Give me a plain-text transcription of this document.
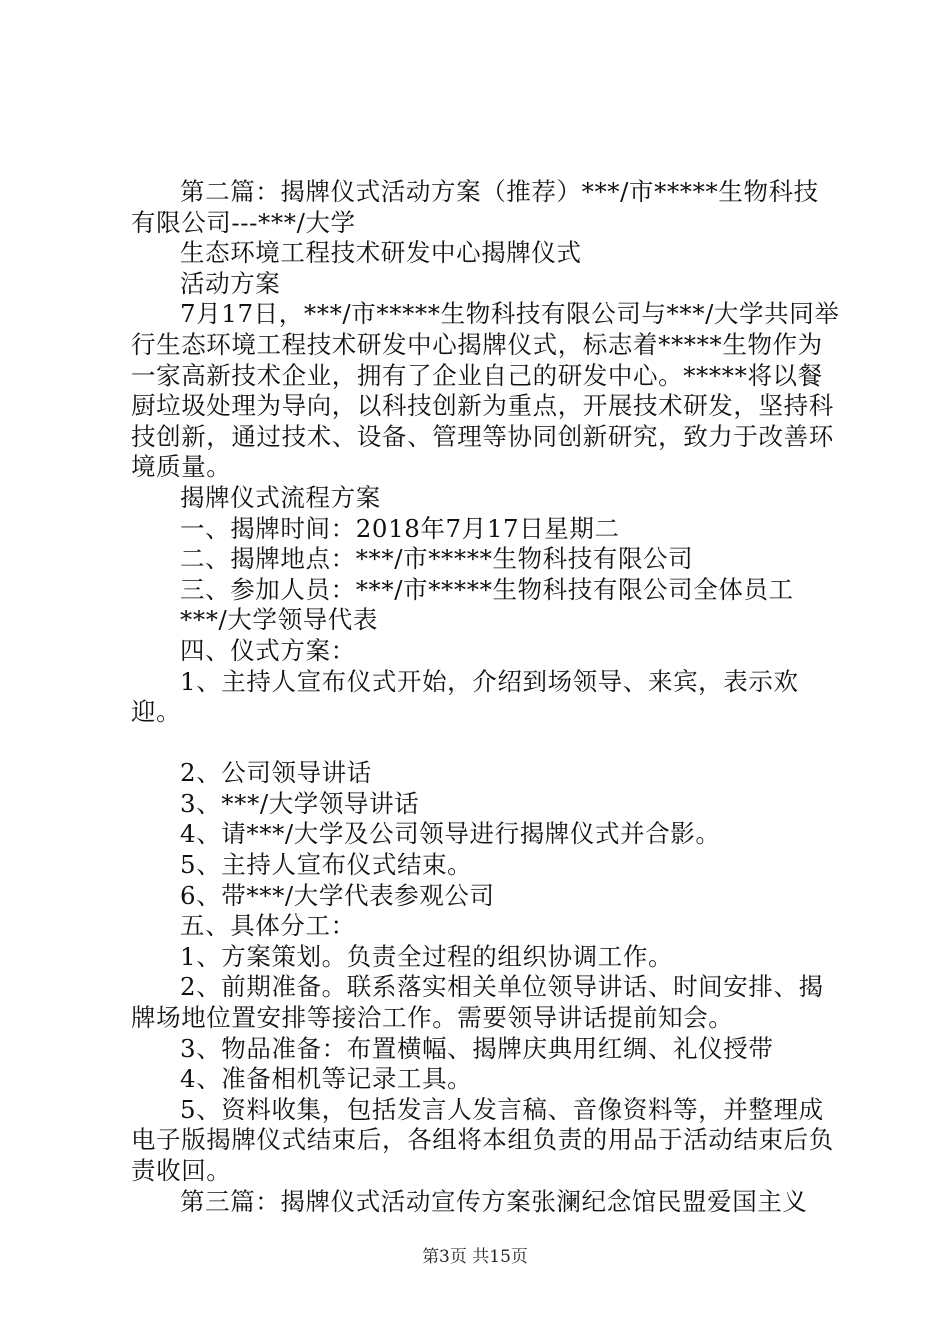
第二篇：揭牌仪式活动方案（推荐）***/市*****生物科技有限公司---***/大学

生态环境工程技术研发中心揭牌仪式

活动方案

7月17日，***/市*****生物科技有限公司与***/大学共同举行生态环境工程技术研发中心揭牌仪式，标志着*****生物作为一家高新技术企业，拥有了企业自己的研发中心。*****将以餐厨垃圾处理为导向，以科技创新为重点，开展技术研发，坚持科技创新，通过技术、设备、管理等协同创新研究，致力于改善环境质量。

揭牌仪式流程方案

一、揭牌时间：2018年7月17日星期二

二、揭牌地点：***/市*****生物科技有限公司

三、参加人员：***/市*****生物科技有限公司全体员工

***/大学领导代表

四、仪式方案：

1、主持人宣布仪式开始，介绍到场领导、来宾，表示欢迎。

2、公司领导讲话

3、***/大学领导讲话

4、请***/大学及公司领导进行揭牌仪式并合影。

5、主持人宣布仪式结束。

6、带***/大学代表参观公司

五、具体分工：

1、方案策划。负责全过程的组织协调工作。

2、前期准备。联系落实相关单位领导讲话、时间安排、揭牌场地位置安排等接洽工作。需要领导讲话提前知会。

3、物品准备：布置横幅、揭牌庆典用红绸、礼仪授带

4、准备相机等记录工具。

5、资料收集，包括发言人发言稿、音像资料等，并整理成电子版揭牌仪式结束后，各组将本组负责的用品于活动结束后负责收回。

第三篇：揭牌仪式活动宣传方案张澜纪念馆民盟爱国主义

第3页 共15页
